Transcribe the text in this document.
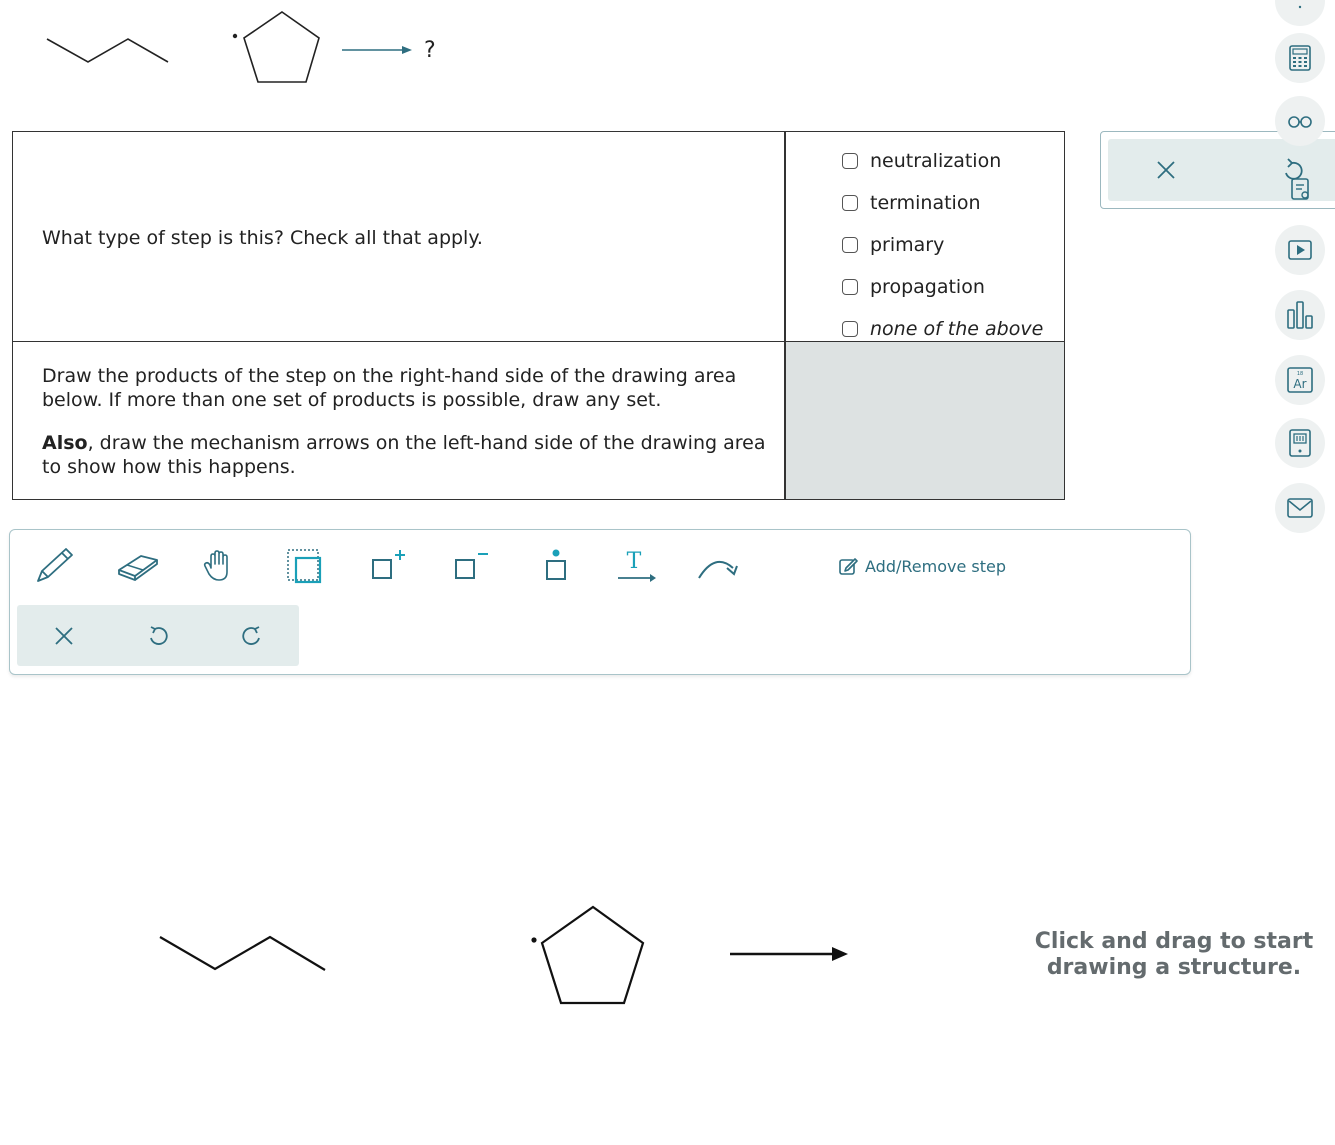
?
What type of step is this? Check all that apply.
neutralization
termination
primary
propagation
none of the above

Draw the products of the step on the right-hand side of the drawing area below. If more than one set of products is possible, draw any set.

Also, draw the mechanism arrows on the left-hand side of the drawing area to show how this happens.

18
Ar
T	Add/Remove step
Click and drag to start drawing a structure.
